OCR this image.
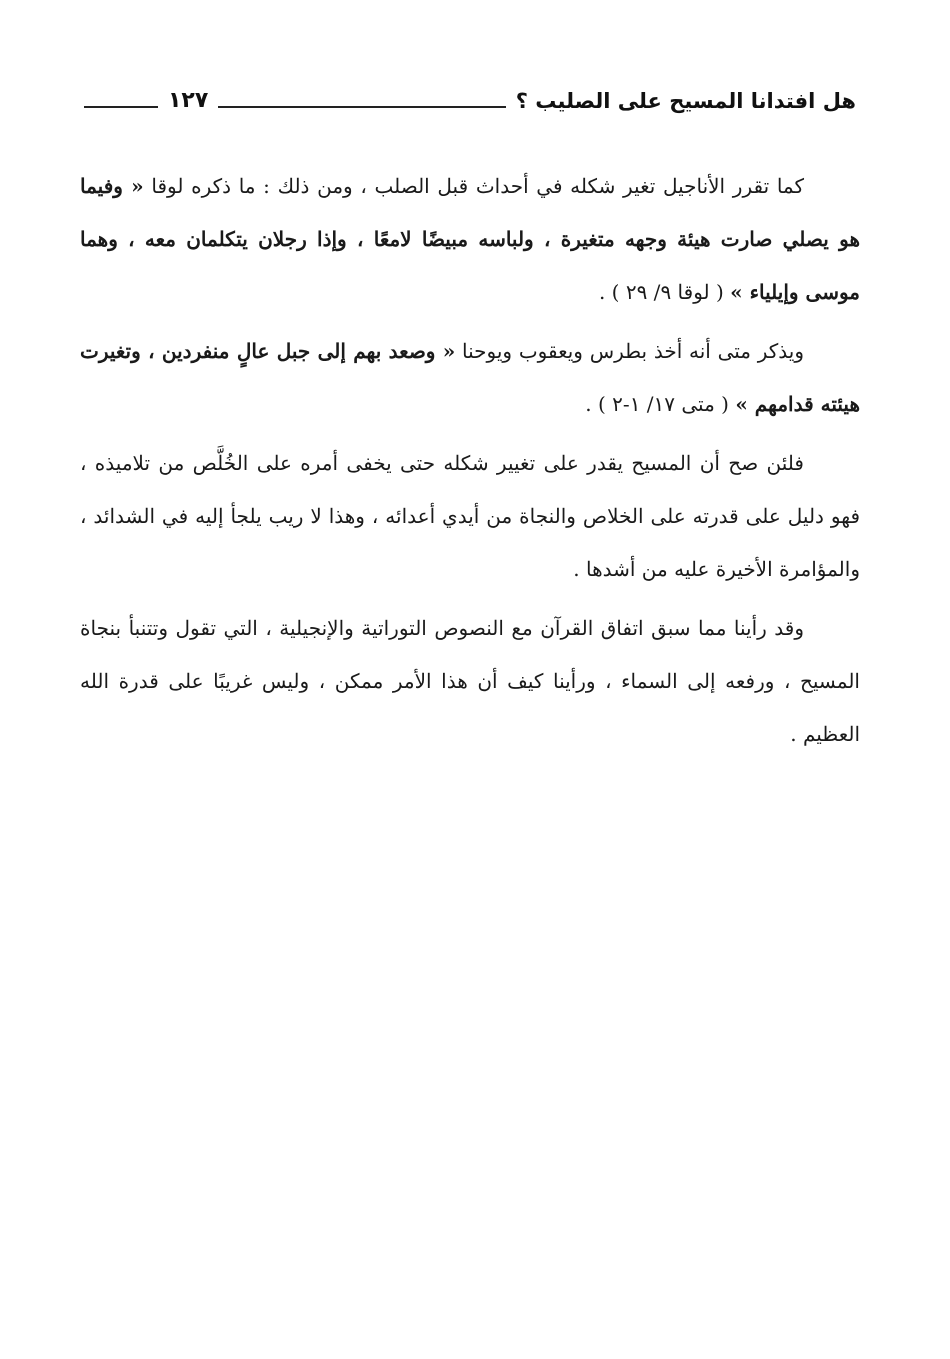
هل افتدانا المسيح على الصليب ؟
١٢٧

كما تقرر الأناجيل تغير شكله في أحداث قبل الصلب ، ومن ذلك : ما ذكره لوقا « وفيما هو يصلي صارت هيئة وجهه متغيرة ، ولباسه مبيضًا لامعًا ، وإذا رجلان يتكلمان معه ، وهما موسى وإيلياء » ( لوقا ٩/ ٢٩ ) .

ويذكر متى أنه أخذ بطرس ويعقوب ويوحنا « وصعد بهم إلى جبل عالٍ منفردين ، وتغيرت هيئته قدامهم » ( متى ١٧/ ١-٢ ) .

فلئن صح أن المسيح يقدر على تغيير شكله حتى يخفى أمره على الخُلَّص من تلاميذه ، فهو دليل على قدرته على الخلاص والنجاة من أيدي أعدائه ، وهذا لا ريب يلجأ إليه في الشدائد ، والمؤامرة الأخيرة عليه من أشدها .

وقد رأينا مما سبق اتفاق القرآن مع النصوص التوراتية والإنجيلية ، التي تقول وتتنبأ بنجاة المسيح ، ورفعه إلى السماء ، ورأينا كيف أن هذا الأمر ممكن ، وليس غريبًا على قدرة الله العظيم .
